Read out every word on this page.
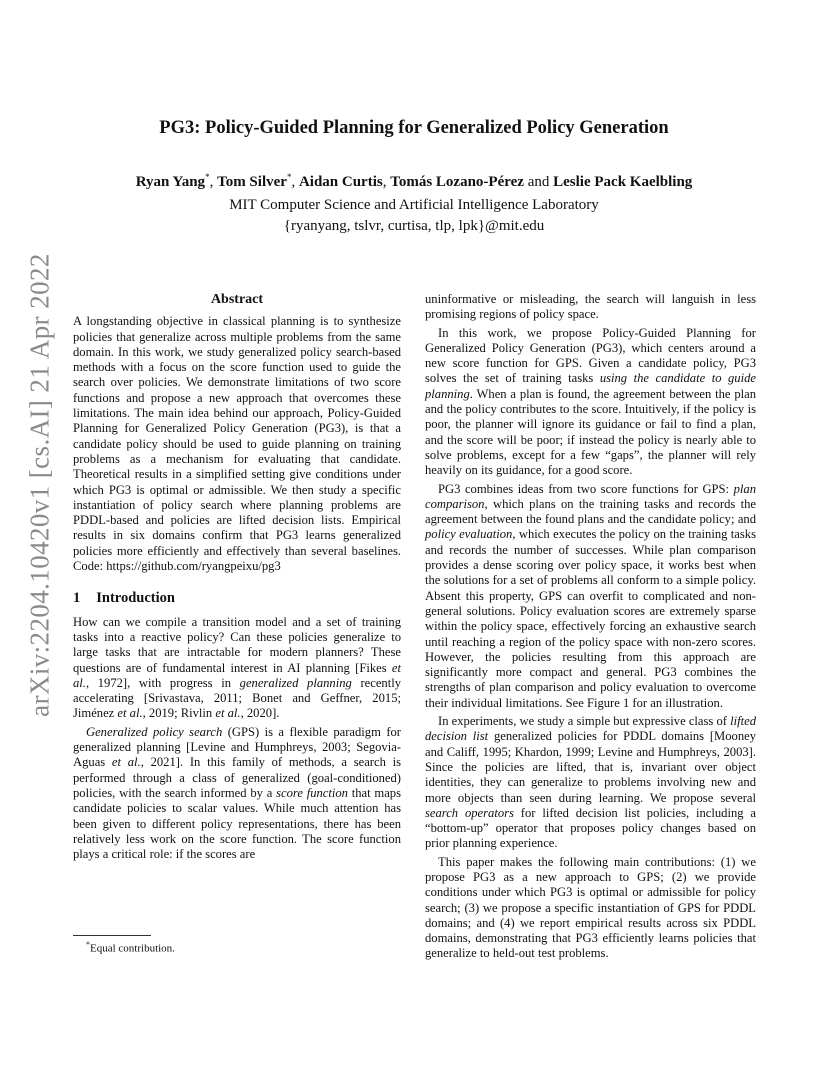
arXiv:2204.10420v1 [cs.AI] 21 Apr 2022
PG3: Policy-Guided Planning for Generalized Policy Generation
Ryan Yang*, Tom Silver*, Aidan Curtis, Tomás Lozano-Pérez and Leslie Pack Kaelbling
MIT Computer Science and Artificial Intelligence Laboratory
{ryanyang, tslvr, curtisa, tlp, lpk}@mit.edu
Abstract

A longstanding objective in classical planning is to synthesize policies that generalize across multiple problems from the same domain. In this work, we study generalized policy search-based methods with a focus on the score function used to guide the search over policies. We demonstrate limitations of two score functions and propose a new approach that overcomes these limitations. The main idea behind our approach, Policy-Guided Planning for Generalized Policy Generation (PG3), is that a candidate policy should be used to guide planning on training problems as a mechanism for evaluating that candidate. Theoretical results in a simplified setting give conditions under which PG3 is optimal or admissible. We then study a specific instantiation of policy search where planning problems are PDDL-based and policies are lifted decision lists. Empirical results in six domains confirm that PG3 learns generalized policies more efficiently and effectively than several baselines. Code: https://github.com/ryangpeixu/pg3

1 Introduction

How can we compile a transition model and a set of training tasks into a reactive policy? Can these policies generalize to large tasks that are intractable for modern planners? These questions are of fundamental interest in AI planning [Fikes et al., 1972], with progress in generalized planning recently accelerating [Srivastava, 2011; Bonet and Geffner, 2015; Jiménez et al., 2019; Rivlin et al., 2020].

Generalized policy search (GPS) is a flexible paradigm for generalized planning [Levine and Humphreys, 2003; Segovia-Aguas et al., 2021]. In this family of methods, a search is performed through a class of generalized (goal-conditioned) policies, with the search informed by a score function that maps candidate policies to scalar values. While much attention has been given to different policy representations, there has been relatively less work on the score function. The score function plays a critical role: if the scores are

uninformative or misleading, the search will languish in less promising regions of policy space.

In this work, we propose Policy-Guided Planning for Generalized Policy Generation (PG3), which centers around a new score function for GPS. Given a candidate policy, PG3 solves the set of training tasks using the candidate to guide planning. When a plan is found, the agreement between the plan and the policy contributes to the score. Intuitively, if the policy is poor, the planner will ignore its guidance or fail to find a plan, and the score will be poor; if instead the policy is nearly able to solve problems, except for a few “gaps”, the planner will rely heavily on its guidance, for a good score.

PG3 combines ideas from two score functions for GPS: plan comparison, which plans on the training tasks and records the agreement between the found plans and the candidate policy; and policy evaluation, which executes the policy on the training tasks and records the number of successes. While plan comparison provides a dense scoring over policy space, it works best when the solutions for a set of problems all conform to a simple policy. Absent this property, GPS can overfit to complicated and non-general solutions. Policy evaluation scores are extremely sparse within the policy space, effectively forcing an exhaustive search until reaching a region of the policy space with non-zero scores. However, the policies resulting from this approach are significantly more compact and general. PG3 combines the strengths of plan comparison and policy evaluation to overcome their individual limitations. See Figure 1 for an illustration.

In experiments, we study a simple but expressive class of lifted decision list generalized policies for PDDL domains [Mooney and Califf, 1995; Khardon, 1999; Levine and Humphreys, 2003]. Since the policies are lifted, that is, invariant over object identities, they can generalize to problems involving new and more objects than seen during learning. We propose several search operators for lifted decision list policies, including a “bottom-up” operator that proposes policy changes based on prior planning experience.

This paper makes the following main contributions: (1) we propose PG3 as a new approach to GPS; (2) we provide conditions under which PG3 is optimal or admissible for policy search; (3) we propose a specific instantiation of GPS for PDDL domains; and (4) we report empirical results across six PDDL domains, demonstrating that PG3 efficiently learns policies that generalize to held-out test problems.

*Equal contribution.
